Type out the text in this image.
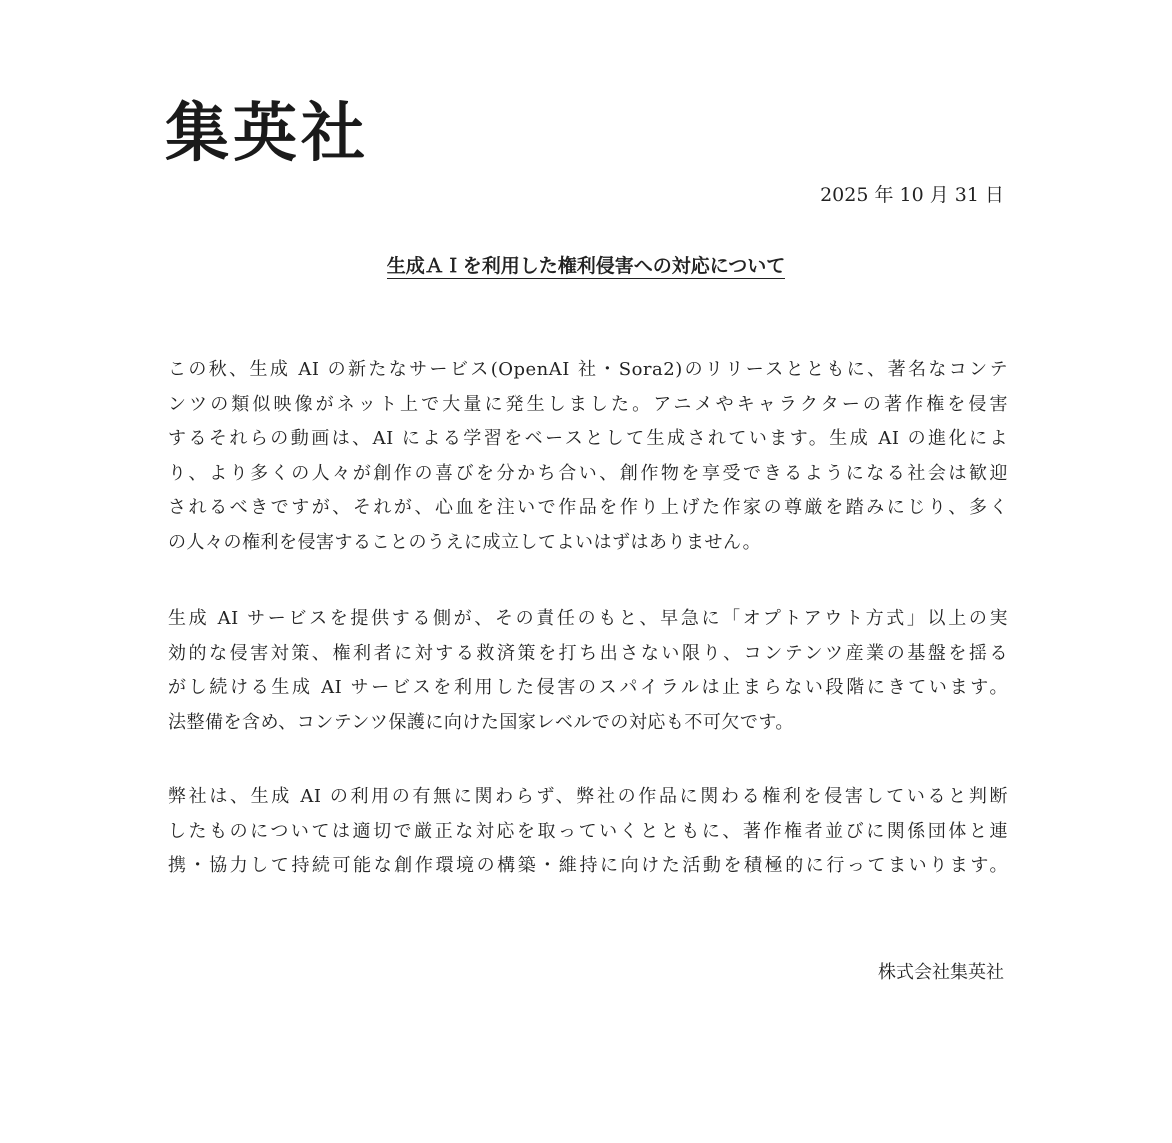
集英社
2025 年 10 月 31 日
生成ＡＩを利用した権利侵害への対応について
この秋、生成 AI の新たなサービス(OpenAI 社・Sora2)のリリースとともに、著名なコンテ
ンツの類似映像がネット上で大量に発生しました。アニメやキャラクターの著作権を侵害
するそれらの動画は、AI による学習をベースとして生成されています。生成 AI の進化によ
り、より多くの人々が創作の喜びを分かち合い、創作物を享受できるようになる社会は歓迎
されるべきですが、それが、心血を注いで作品を作り上げた作家の尊厳を踏みにじり、多く
の人々の権利を侵害することのうえに成立してよいはずはありません。
生成 AI サービスを提供する側が、その責任のもと、早急に「オプトアウト方式」以上の実
効的な侵害対策、権利者に対する救済策を打ち出さない限り、コンテンツ産業の基盤を揺る
がし続ける生成 AI サービスを利用した侵害のスパイラルは止まらない段階にきています。
法整備を含め、コンテンツ保護に向けた国家レベルでの対応も不可欠です。
弊社は、生成 AI の利用の有無に関わらず、弊社の作品に関わる権利を侵害していると判断
したものについては適切で厳正な対応を取っていくとともに、著作権者並びに関係団体と連
携・協力して持続可能な創作環境の構築・維持に向けた活動を積極的に行ってまいります。
株式会社集英社
